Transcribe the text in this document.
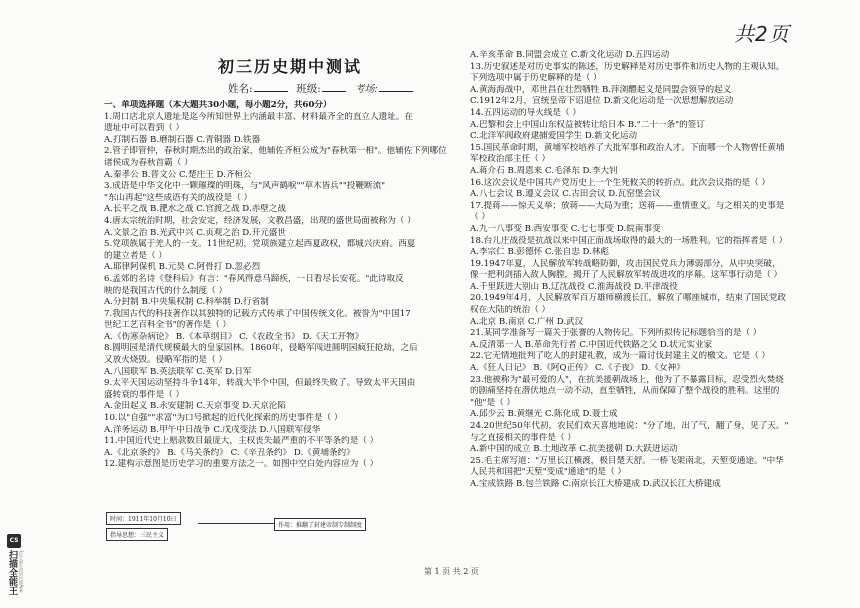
共2页
初三历史期中测试
姓名:	班级:	考场:
一、单项选择题（本大题共30小题，每小题2分，共60分）
1.周口店北京人遗址是迄今所知世界上内涵最丰富、材料最齐全的直立人遗址。在
遗址中可以看到（ ）
A.打制石器 B.磨制石器 C.青铜器 D.铁器
2.管子即管仲，春秋时期杰出的政治家，他辅佐齐桓公成为"春秋第一相"。他辅佐下列哪位
诸侯成为春秋首霸（ ）
A.秦孝公 B.晋文公 C.楚庄王 D.齐桓公
3.成语是中华文化中一颗璀璨的明珠，与"风声鹤唳""草木皆兵""投鞭断流"
"东山再起"这些成语有关的战役是（ ）
A.长平之战 B.淝水之战 C.官渡之战 D.赤壁之战
4.唐太宗统治时期，社会安定，经济发展，文教昌盛，出现的盛世局面被称为（ ）
A.文景之治 B.光武中兴 C.贞观之治 D.开元盛世
5.党项族属于羌人的一支。11世纪初，党项族建立起西夏政权，都城兴庆府。西夏
的建立者是（ ）
A.耶律阿保机 B.元昊 C.阿骨打 D.忽必烈
6.孟郊的名诗《登科后》有言："春风得意马蹄疾，一日看尽长安花。"此诗取反
映的是我国古代的什么制度（ ）
A.分封制 B.中央集权制 C.科举制 D.行省制
7.我国古代的科技著作以其独特的记载方式传承了中国传统文化。被誉为"中国17
世纪工艺百科全书"的著作是（ ）
A.《伤寒杂病论》 B.《本草纲目》 C.《农政全书》 D.《天工开物》
8.圆明园是清代规模最大的皇家园林。1860年，侵略军闯进圆明园疯狂抢劫，之后
又放火烧毁。侵略军指的是（ ）
A.八国联军 B.英法联军 C.英军 D.日军
9.太平天国运动坚持斗争14年，转战大半个中国，但最终失败了。导致太平天国由
盛转衰的事件是（ ）
A.金田起义 B.永安建制 C.天京事变 D.天京沦陷
10.以"自强""求富"为口号掀起的近代化探索的历史事件是（ ）
A.洋务运动 B.甲午中日战争 C.戊戌变法 D.八国联军侵华
11.中国近代史上赔款数目最庞大，主权丧失最严重的不平等条约是（ ）
A.《北京条约》 B.《马关条约》 C.《辛丑条约》 D.《黄埔条约》
12.建构示意图是历史学习的重要方法之一。如图中空白处内容应为（ ）
时间：1911年10月10日
指导思想：三民主义
作用：推翻了封建帝制专制制度
A.辛亥革命 B.同盟会成立 C.新文化运动 D.五四运动
13.历史叙述是对历史事实的陈述，历史解释是对历史事件和历史人物的主观认知。
下列选项中属于历史解释的是（ ）
A.黄海海战中，邓世昌在壮烈牺牲 B.萍浏醴起义是同盟会领导的起义
C.1912年2月，宣统皇帝下诏退位 D.新文化运动是一次思想解放运动
14.五四运动的导火线是（ ）
A.巴黎和会上中国山东权益被转让给日本 B."二十一条"的签订
C.北洋军阀政府逮捕爱国学生 D.新文化运动
15.国民革命时期，黄埔军校培养了大批军事和政治人才。下面哪一个人物曾任黄埔
军校政治部主任（ ）
A.蒋介石 B.周恩来 C.毛泽东 D.李大钊
16.这次会议是中国共产党历史上一个生死攸关的转折点。此次会议指的是（ ）
A.八七会议 B.遵义会议 C.古田会议 D.瓦窑堡会议
17.提蒋——惊天义举；放蒋——大局为重；送蒋——重情重义。与之相关的史事是
（ ）
A.九一八事变 B.西安事变 C.七七事变 D.皖南事变
18.台儿庄战役是抗战以来中国正面战场取得的最大的一场胜利。它的指挥者是（ ）
A.李宗仁 B.彭德怀 C.张自忠 D.林彪
19.1947年夏，人民解放军转战略防御，攻击国民党兵力薄弱部分，从中央突破，
像一把利剑插入敌人胸膛，揭开了人民解放军转战进攻的序幕。这军事行动是（ ）
A.千里跃进大别山 B.辽沈战役 C.淮海战役 D.平津战役
20.1949年4月，人民解放军百万雄师横渡长江，解放了哪座城市，结束了国民党政
权在大陆的统治（ ）
A.北京 B.南京 C.广州 D.武汉
21.某同学准备写一篇关于张謇的人物传记。下列所拟传记标题恰当的是（ ）
A.反清第一人 B.革命先行者 C.中国近代铁路之父 D.状元实业家
22.它无情地批判了吃人的封建礼教，成为一篇讨伐封建主义的檄文。它是（ ）
A.《狂人日记》 B.《阿Q正传》 C.《子夜》 D.《女神》
23.他被称为"最可爱的人"，在抗美援朝战场上，他为了不暴露目标，忍受烈火焚烧
的剧痛坚持在潜伏地点一动不动，直至牺牲，从而保障了整个战役的胜利。这里的
"他"是（ ）
A.邱少云 B.黄继光 C.陈化成 D.聂士成
24.20世纪50年代初，农民们欢天喜地地说："分了地，出了气，翻了身，见了天。"
与之直接相关的事件是（ ）
A.新中国的成立 B.土地改革 C.抗美援朝 D.大跃进运动
25.毛主席写道："万里长江横渡，极目楚天舒。一桥飞架南北，天堑变通途。"中华
人民共和国把"天堑"变成"通途"的是（ ）
A.宝成铁路 B.包兰铁路 C.南京长江大桥建成 D.武汉长江大桥建成
第 1 页 共 2 页
CS
扫描全能王 3亿人都在用的扫描App
